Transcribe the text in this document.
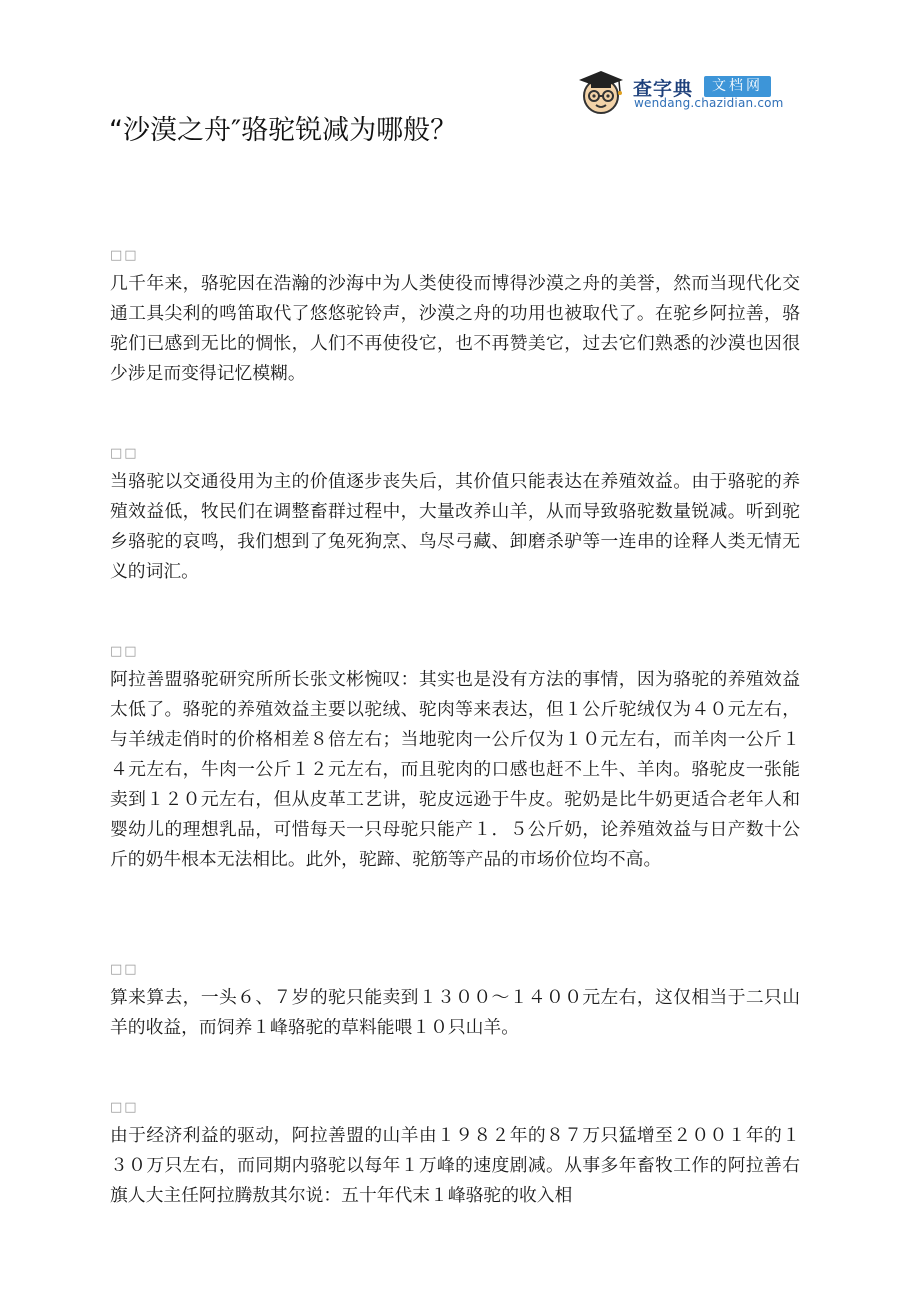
查字典	文档网
wendang.chazidian.com
“沙漠之舟″骆驼锐减为哪般？
□□

几千年来，骆驼因在浩瀚的沙海中为人类使役而博得沙漠之舟的美誉，然而当现代化交通工具尖利的鸣笛取代了悠悠驼铃声，沙漠之舟的功用也被取代了。在驼乡阿拉善，骆驼们已感到无比的惆怅，人们不再使役它，也不再赞美它，过去它们熟悉的沙漠也因很少涉足而变得记忆模糊。

□□

当骆驼以交通役用为主的价值逐步丧失后，其价值只能表达在养殖效益。由于骆驼的养殖效益低，牧民们在调整畜群过程中，大量改养山羊，从而导致骆驼数量锐减。听到驼乡骆驼的哀鸣，我们想到了兔死狗烹、鸟尽弓藏、卸磨杀驴等一连串的诠释人类无情无义的词汇。

□□

阿拉善盟骆驼研究所所长张文彬惋叹：其实也是没有方法的事情，因为骆驼的养殖效益太低了。骆驼的养殖效益主要以驼绒、驼肉等来表达，但１公斤驼绒仅为４０元左右，与羊绒走俏时的价格相差８倍左右；当地驼肉一公斤仅为１０元左右，而羊肉一公斤１４元左右，牛肉一公斤１２元左右，而且驼肉的口感也赶不上牛、羊肉。骆驼皮一张能卖到１２０元左右，但从皮革工艺讲，驼皮远逊于牛皮。驼奶是比牛奶更适合老年人和婴幼儿的理想乳品，可惜每天一只母驼只能产１．５公斤奶，论养殖效益与日产数十公斤的奶牛根本无法相比。此外，驼蹄、驼筋等产品的市场价位均不高。

□□

算来算去，一头６、７岁的驼只能卖到１３００～１４００元左右，这仅相当于二只山羊的收益，而饲养１峰骆驼的草料能喂１０只山羊。

□□

由于经济利益的驱动，阿拉善盟的山羊由１９８２年的８７万只猛增至２００１年的１３０万只左右，而同期内骆驼以每年１万峰的速度剧减。从事多年畜牧工作的阿拉善右旗人大主任阿拉腾敖其尔说：五十年代末１峰骆驼的收入相
